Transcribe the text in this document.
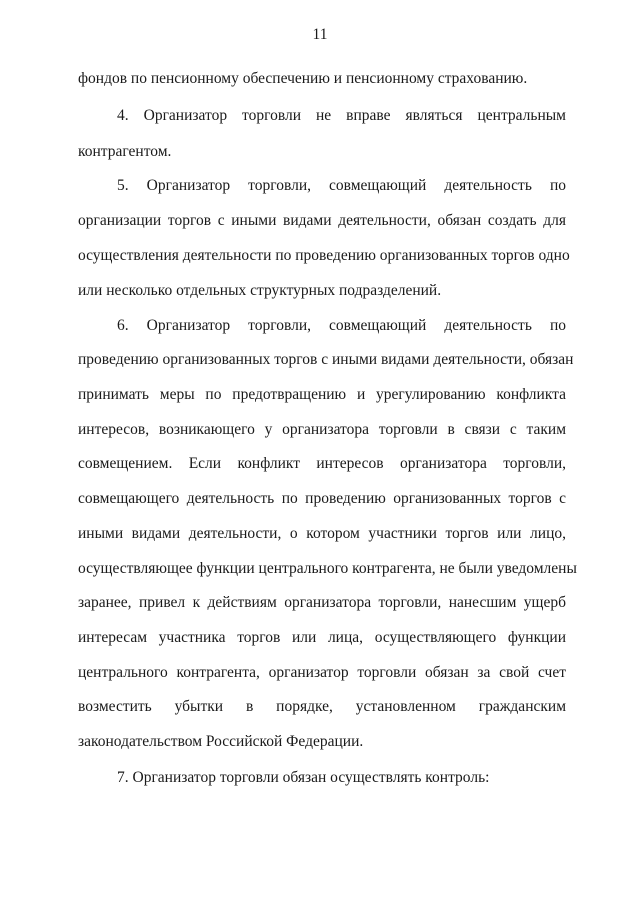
11
фондов по пенсионному обеспечению и пенсионному страхованию.
4. Организатор торговли не вправе являться центральным
контрагентом.
5. Организатор торговли, совмещающий деятельность по
организации торгов с иными видами деятельности, обязан создать для
осуществления деятельности по проведению организованных торгов одно
или несколько отдельных структурных подразделений.
6. Организатор торговли, совмещающий деятельность по
проведению организованных торгов с иными видами деятельности, обязан
принимать меры по предотвращению и урегулированию конфликта
интересов, возникающего у организатора торговли в связи с таким
совмещением. Если конфликт интересов организатора торговли,
совмещающего деятельность по проведению организованных торгов с
иными видами деятельности, о котором участники торгов или лицо,
осуществляющее функции центрального контрагента, не были уведомлены
заранее, привел к действиям организатора торговли, нанесшим ущерб
интересам участника торгов или лица, осуществляющего функции
центрального контрагента, организатор торговли обязан за свой счет
возместить убытки в порядке, установленном гражданским
законодательством Российской Федерации.
7. Организатор торговли обязан осуществлять контроль:
